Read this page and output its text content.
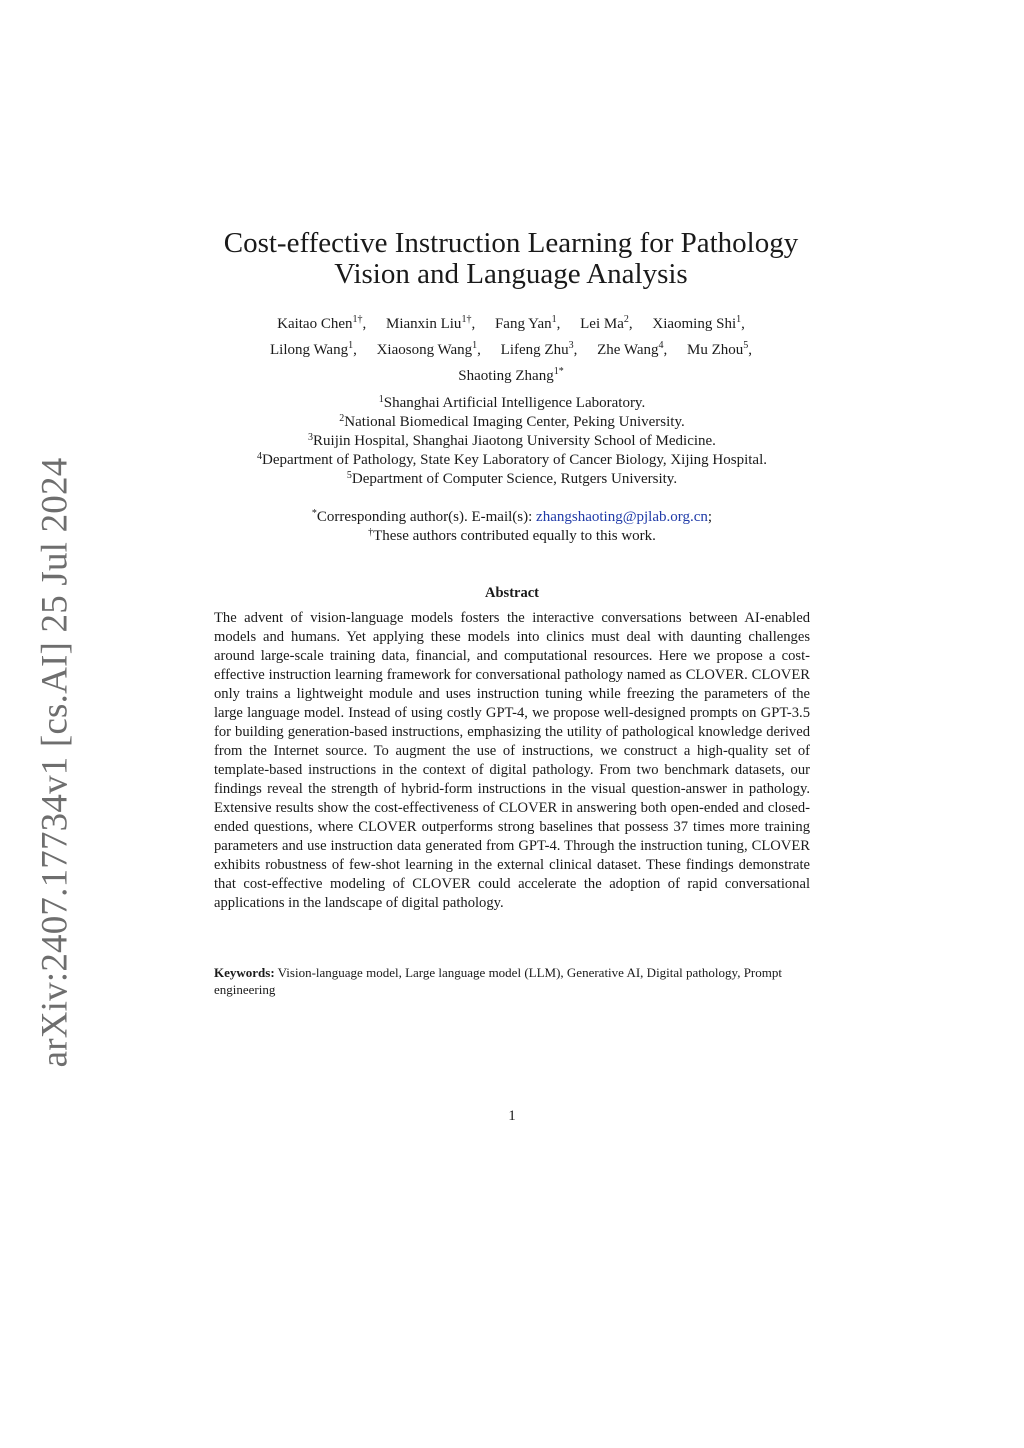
arXiv:2407.17734v1 [cs.AI] 25 Jul 2024
Cost-effective Instruction Learning for Pathology Vision and Language Analysis
Kaitao Chen$^{1\dagger}$, Mianxin Liu$^{1\dagger}$, Fang Yan$^1$, Lei Ma$^2$, Xiaoming Shi$^1$,
Lilong Wang$^1$, Xiaosong Wang$^1$, Lifeng Zhu$^3$, Zhe Wang$^4$, Mu Zhou$^5$,
Shaoting Zhang$^{1*}$
$^1$Shanghai Artificial Intelligence Laboratory.
$^2$National Biomedical Imaging Center, Peking University.
$^3$Ruijin Hospital, Shanghai Jiaotong University School of Medicine.
$^4$Department of Pathology, State Key Laboratory of Cancer Biology, Xijing Hospital.
$^5$Department of Computer Science, Rutgers University.
*Corresponding author(s). E-mail(s): zhangshaoting@pjlab.org.cn;
†These authors contributed equally to this work.
Abstract
The advent of vision-language models fosters the interactive conversations between AI-enabled models and humans. Yet applying these models into clinics must deal with daunting challenges around large-scale training data, financial, and computational resources. Here we propose a cost-effective instruction learning framework for conversational pathology named as CLOVER. CLOVER only trains a lightweight module and uses instruction tuning while freezing the parameters of the large language model. Instead of using costly GPT-4, we propose well-designed prompts on GPT-3.5 for building generation-based instructions, emphasizing the utility of pathological knowledge derived from the Internet source. To augment the use of instructions, we construct a high-quality set of template-based instructions in the context of digital pathology. From two benchmark datasets, our findings reveal the strength of hybrid-form instructions in the visual question-answer in pathology. Extensive results show the cost-effectiveness of CLOVER in answering both open-ended and closed-ended questions, where CLOVER outperforms strong baselines that possess 37 times more training parameters and use instruction data generated from GPT-4. Through the instruction tuning, CLOVER exhibits robustness of few-shot learning in the external clinical dataset. These findings demonstrate that cost-effective modeling of CLOVER could accelerate the adoption of rapid conversational applications in the landscape of digital pathology.
Keywords: Vision-language model, Large language model (LLM), Generative AI, Digital pathology, Prompt engineering
1
